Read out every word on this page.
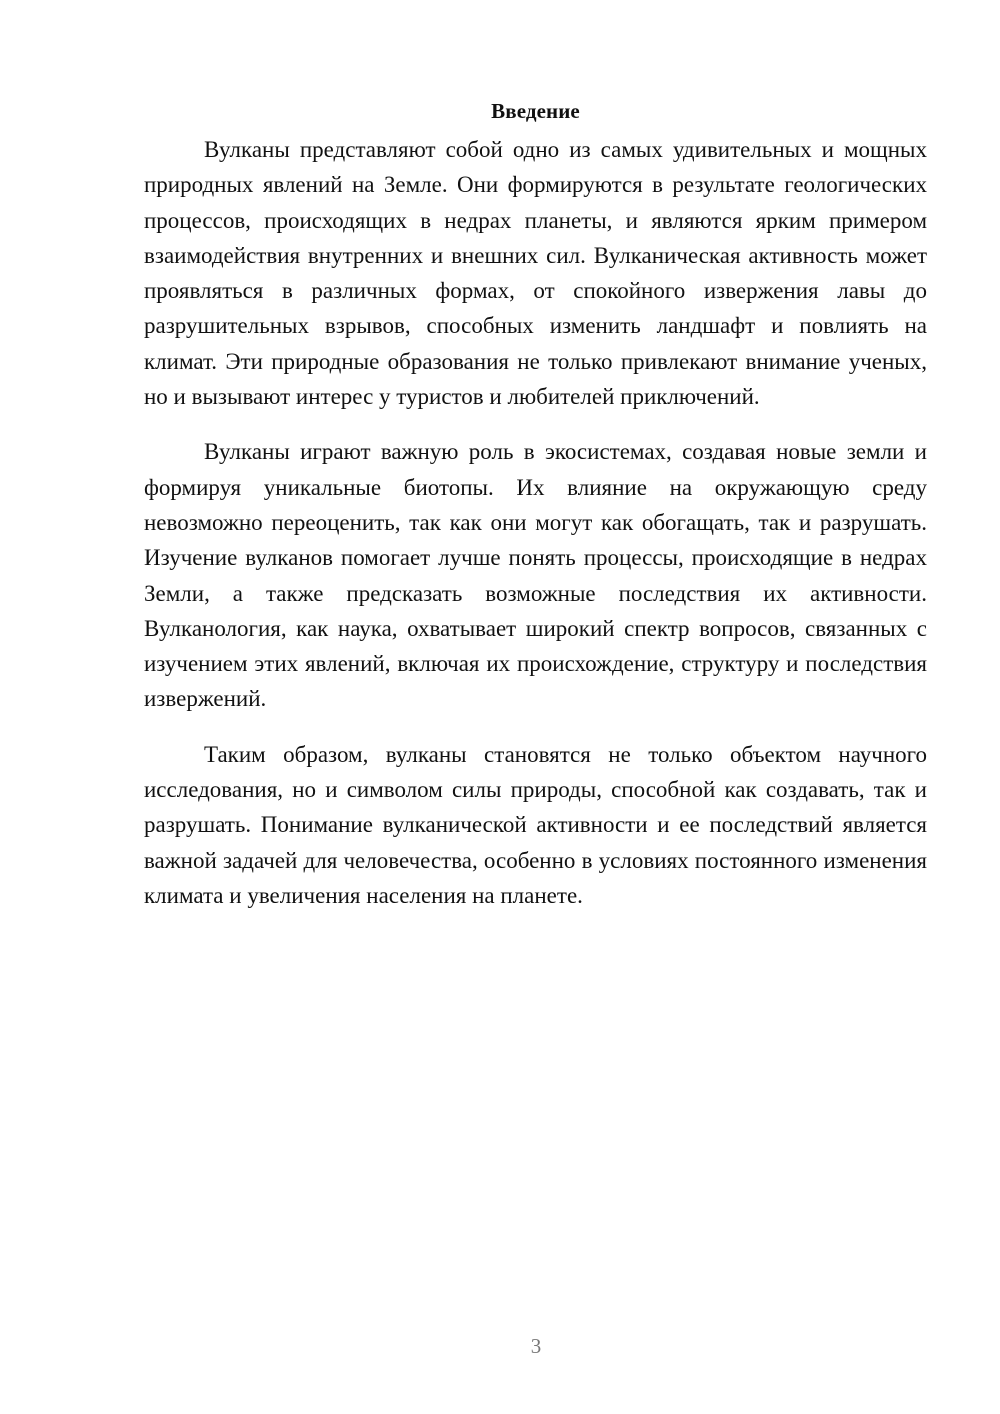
Введение

Вулканы представляют собой одно из самых удивительных и мощных природных явлений на Земле. Они формируются в результате геологических процессов, происходящих в недрах планеты, и являются ярким примером взаимодействия внутренних и внешних сил. Вулканическая активность может проявляться в различных формах, от спокойного извержения лавы до разрушительных взрывов, способных изменить ландшафт и повлиять на климат. Эти природные образования не только привлекают внимание ученых, но и вызывают интерес у туристов и любителей приключений.

Вулканы играют важную роль в экосистемах, создавая новые земли и формируя уникальные биотопы. Их влияние на окружающую среду невозможно переоценить, так как они могут как обогащать, так и разрушать. Изучение вулканов помогает лучше понять процессы, происходящие в недрах Земли, а также предсказать возможные последствия их активности. Вулканология, как наука, охватывает широкий спектр вопросов, связанных с изучением этих явлений, включая их происхождение, структуру и последствия извержений.

Таким образом, вулканы становятся не только объектом научного исследования, но и символом силы природы, способной как создавать, так и разрушать. Понимание вулканической активности и ее последствий является важной задачей для человечества, особенно в условиях постоянного изменения климата и увеличения населения на планете.

3
